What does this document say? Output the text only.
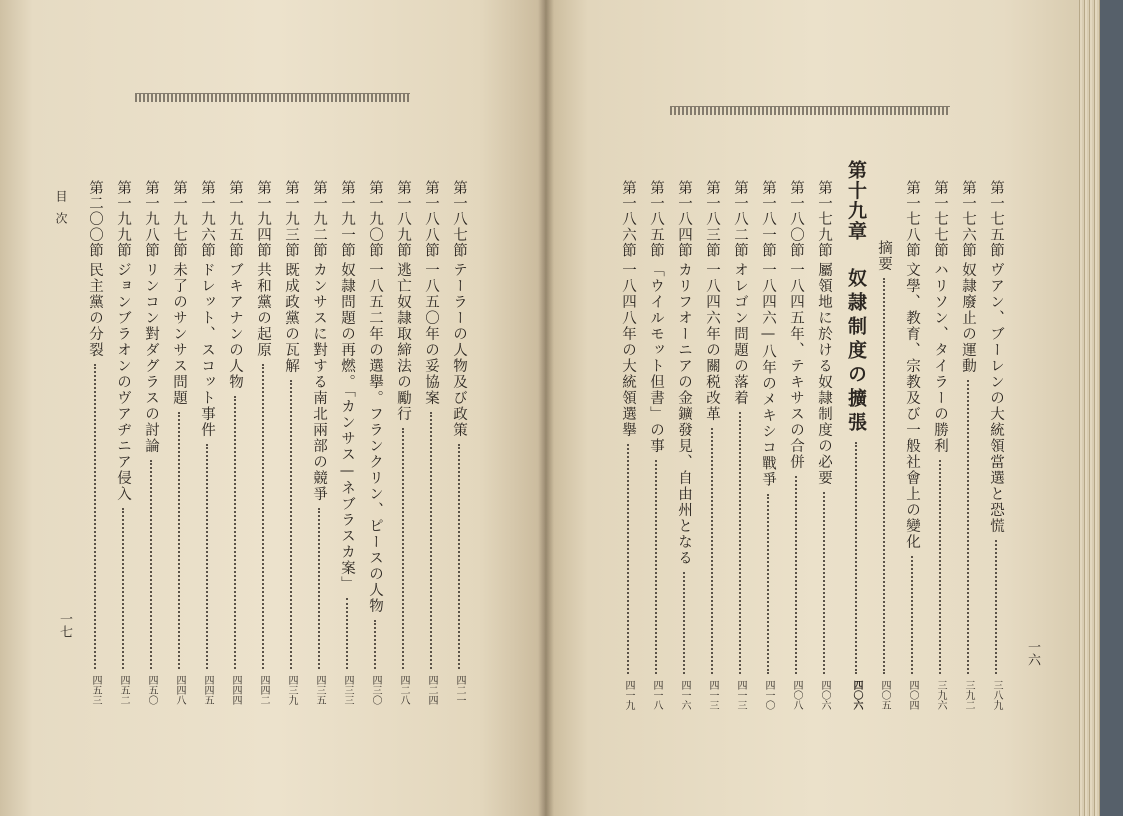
目次
一七
第一八七節
テーラーの人物及び政策
四二一
第一八八節
一八五〇年の妥協案
四二四
第一八九節
逃亡奴隷取締法の勵行
四二八
第一九〇節
一八五二年の選擧。フランクリン、ピースの人物
四三〇
第一九一節
奴隷問題の再燃。「カンサス—ネブラスカ案」
四三三
第一九二節
カンサスに對する南北兩部の競爭
四三五
第一九三節
既成政黨の瓦解
四三九
第一九四節
共和黨の起原
四四二
第一九五節
ブキアナンの人物
四四四
第一九六節
ドレット、スコット事件
四四五
第一九七節
未了のサンサス問題
四四八
第一九八節
リンコン對ダグラスの討論
四五〇
第一九九節
ジョンブラオンのヴアヂニア侵入
四五二
第二〇〇節
民主黨の分裂
四五三
一六
第一七五節
ヴアン、ブーレンの大統領當選と恐慌
三八九
第一七六節
奴隷廢止の運動
三九二
第一七七節
ハリソン、タイラーの勝利
三九六
第一七八節
文學、教育、宗教及び一般社會上の變化
四〇四
摘要
四〇五
第十九章
奴隷制度の擴張
四〇六
第一七九節
屬領地に於ける奴隷制度の必要
四〇六
第一八〇節
一八四五年、テキサスの合併
四〇八
第一八一節
一八四六—八年のメキシコ戰爭
四一〇
第一八二節
オレゴン問題の落着
四一三
第一八三節
一八四六年の關税改革
四一三
第一八四節
カリフオーニアの金鑛發見、自由州となる
四一六
第一八五節
「ウイルモット但書」の事
四一八
第一八六節
一八四八年の大統領選擧
四一九
